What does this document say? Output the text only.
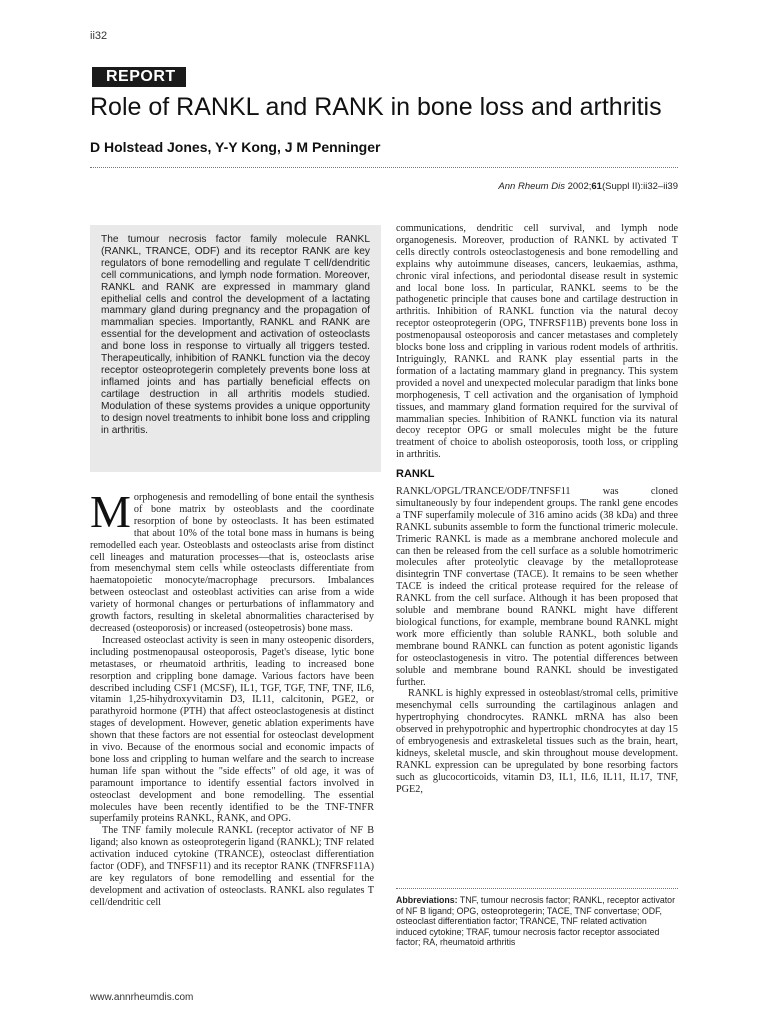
ii32
REPORT
Role of RANKL and RANK in bone loss and arthritis
D Holstead Jones, Y-Y Kong, J M Penninger
Ann Rheum Dis 2002;61(Suppl II):ii32–ii39
The tumour necrosis factor family molecule RANKL (RANKL, TRANCE, ODF) and its receptor RANK are key regulators of bone remodelling and regulate T cell/dendritic cell communications, and lymph node formation. Moreover, RANKL and RANK are expressed in mammary gland epithelial cells and control the development of a lactating mammary gland during pregnancy and the propagation of mammalian species. Importantly, RANKL and RANK are essential for the development and activation of osteoclasts and bone loss in response to virtually all triggers tested. Therapeutically, inhibition of RANKL function via the decoy receptor osteoprotegerin completely prevents bone loss at inflamed joints and has partially beneficial effects on cartilage destruction in all arthritis models studied. Modulation of these systems provides a unique opportunity to design novel treatments to inhibit bone loss and crippling in arthritis.

Morphogenesis and remodelling of bone entail the synthesis of bone matrix by osteoblasts and the coordinate resorption of bone by osteoclasts. It has been estimated that about 10% of the total bone mass in humans is being remodelled each year. Osteoblasts and osteoclasts arise from distinct cell lineages and maturation processes—that is, osteoclasts arise from mesenchymal stem cells while osteoclasts differentiate from haematopoietic monocyte/macrophage precursors. Imbalances between osteoclast and osteoblast activities can arise from a wide variety of hormonal changes or perturbations of inflammatory and growth factors, resulting in skeletal abnormalities characterised by decreased (osteoporosis) or increased (osteopetrosis) bone mass.

Increased osteoclast activity is seen in many osteopenic disorders, including postmenopausal osteoporosis, Paget's disease, lytic bone metastases, or rheumatoid arthritis, leading to increased bone resorption and crippling bone damage. Various factors have been described including CSF1 (MCSF), IL1, TGF, TGF, TNF, TNF, IL6, vitamin 1,25-hihydroxyvitamin D3, IL11, calcitonin, PGE2, or parathyroid hormone (PTH) that affect osteoclastogenesis at distinct stages of development. However, genetic ablation experiments have shown that these factors are not essential for osteoclast development in vivo. Because of the enormous social and economic impacts of bone loss and crippling to human welfare and the search to increase human life span without the "side effects" of old age, it was of paramount importance to identify essential factors involved in osteoclast development and bone remodelling. The essential molecules have been recently identified to be the TNF-TNFR superfamily proteins RANKL, RANK, and OPG.

The TNF family molecule RANKL (receptor activator of NF B ligand; also known as osteoprotegerin ligand (RANKL); TNF related activation induced cytokine (TRANCE), osteoclast differentiation factor (ODF), and TNFSF11) and its receptor RANK (TNFRSF11A) are key regulators of bone remodelling and essential for the development and activation of osteoclasts. RANKL also regulates T cell/dendritic cell

communications, dendritic cell survival, and lymph node organogenesis. Moreover, production of RANKL by activated T cells directly controls osteoclastogenesis and bone remodelling and explains why autoimmune diseases, cancers, leukaemias, asthma, chronic viral infections, and periodontal disease result in systemic and local bone loss. In particular, RANKL seems to be the pathogenetic principle that causes bone and cartilage destruction in arthritis. Inhibition of RANKL function via the natural decoy receptor osteoprotegerin (OPG, TNFRSF11B) prevents bone loss in postmenopausal osteoporosis and cancer metastases and completely blocks bone loss and crippling in various rodent models of arthritis. Intriguingly, RANKL and RANK play essential parts in the formation of a lactating mammary gland in pregnancy. This system provided a novel and unexpected molecular paradigm that links bone morphogenesis, T cell activation and the organisation of lymphoid tissues, and mammary gland formation required for the survival of mammalian species. Inhibition of RANKL function via its natural decoy receptor OPG or small molecules might be the future treatment of choice to abolish osteoporosis, tooth loss, or crippling in arthritis.

RANKL

RANKL/OPGL/TRANCE/ODF/TNFSF11 was cloned simultaneously by four independent groups. The rankl gene encodes a TNF superfamily molecule of 316 amino acids (38 kDa) and three RANKL subunits assemble to form the functional trimeric molecule. Trimeric RANKL is made as a membrane anchored molecule and can then be released from the cell surface as a soluble homotrimeric molecules after proteolytic cleavage by the metalloprotease disintegrin TNF convertase (TACE). It remains to be seen whether TACE is indeed the critical protease required for the release of RANKL from the cell surface. Although it has been proposed that soluble and membrane bound RANKL might have different biological functions, for example, membrane bound RANKL might work more efficiently than soluble RANKL, both soluble and membrane bound RANKL can function as potent agonistic ligands for osteoclastogenesis in vitro. The potential differences between soluble and membrane bound RANKL should be investigated further.

RANKL is highly expressed in osteoblast/stromal cells, primitive mesenchymal cells surrounding the cartilaginous anlagen and hypertrophying chondrocytes. RANKL mRNA has also been observed in prehypotrophic and hypertrophic chondrocytes at day 15 of embryogenesis and extraskeletal tissues such as the brain, heart, kidneys, skeletal muscle, and skin throughout mouse development. RANKL expression can be upregulated by bone resorbing factors such as glucocorticoids, vitamin D3, IL1, IL6, IL11, IL17, TNF, PGE2,

Abbreviations: TNF, tumour necrosis factor; RANKL, receptor activator of NF B ligand; OPG, osteoprotegerin; TACE, TNF convertase; ODF, osteoclast differentiation factor; TRANCE, TNF related activation induced cytokine; TRAF, tumour necrosis factor receptor associated factor; RA, rheumatoid arthritis
www.annrheumdis.com
